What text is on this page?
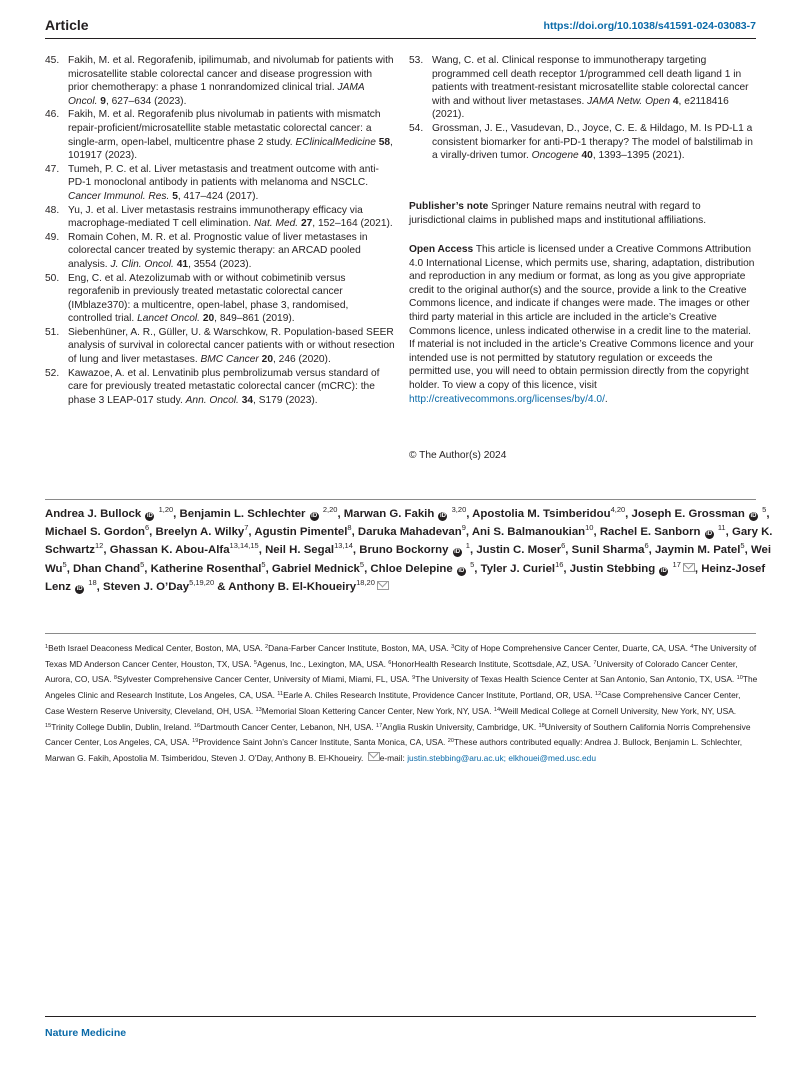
Article	https://doi.org/10.1038/s41591-024-03083-7
45. Fakih, M. et al. Regorafenib, ipilimumab, and nivolumab for patients with microsatellite stable colorectal cancer and disease progression with prior chemotherapy: a phase 1 nonrandomized clinical trial. JAMA Oncol. 9, 627–634 (2023).
46. Fakih, M. et al. Regorafenib plus nivolumab in patients with mismatch repair-proficient/microsatellite stable metastatic colorectal cancer: a single-arm, open-label, multicentre phase 2 study. EClinicalMedicine 58, 101917 (2023).
47. Tumeh, P. C. et al. Liver metastasis and treatment outcome with anti-PD-1 monoclonal antibody in patients with melanoma and NSCLC. Cancer Immunol. Res. 5, 417–424 (2017).
48. Yu, J. et al. Liver metastasis restrains immunotherapy efficacy via macrophage-mediated T cell elimination. Nat. Med. 27, 152–164 (2021).
49. Romain Cohen, M. R. et al. Prognostic value of liver metastases in colorectal cancer treated by systemic therapy: an ARCAD pooled analysis. J. Clin. Oncol. 41, 3554 (2023).
50. Eng, C. et al. Atezolizumab with or without cobimetinib versus regorafenib in previously treated metastatic colorectal cancer (IMblaze370): a multicentre, open-label, phase 3, randomised, controlled trial. Lancet Oncol. 20, 849–861 (2019).
51. Siebenhüner, A. R., Güller, U. & Warschkow, R. Population-based SEER analysis of survival in colorectal cancer patients with or without resection of lung and liver metastases. BMC Cancer 20, 246 (2020).
52. Kawazoe, A. et al. Lenvatinib plus pembrolizumab versus standard of care for previously treated metastatic colorectal cancer (mCRC): the phase 3 LEAP-017 study. Ann. Oncol. 34, S179 (2023).
53. Wang, C. et al. Clinical response to immunotherapy targeting programmed cell death receptor 1/programmed cell death ligand 1 in patients with treatment-resistant microsatellite stable colorectal cancer with and without liver metastases. JAMA Netw. Open 4, e2118416 (2021).
54. Grossman, J. E., Vasudevan, D., Joyce, C. E. & Hildago, M. Is PD-L1 a consistent biomarker for anti-PD-1 therapy? The model of balstilimab in a virally-driven tumor. Oncogene 40, 1393–1395 (2021).
Publisher’s note Springer Nature remains neutral with regard to jurisdictional claims in published maps and institutional affiliations.
Open Access This article is licensed under a Creative Commons Attribution 4.0 International License, which permits use, sharing, adaptation, distribution and reproduction in any medium or format, as long as you give appropriate credit to the original author(s) and the source, provide a link to the Creative Commons licence, and indicate if changes were made. The images or other third party material in this article are included in the article’s Creative Commons licence, unless indicated otherwise in a credit line to the material. If material is not included in the article’s Creative Commons licence and your intended use is not permitted by statutory regulation or exceeds the permitted use, you will need to obtain permission directly from the copyright holder. To view a copy of this licence, visit http://creativecommons.org/licenses/by/4.0/.
© The Author(s) 2024
Andrea J. Bullock iD $^{1,20}$, Benjamin L. Schlechter iD $^{2,20}$, Marwan G. Fakih iD $^{3,20}$, Apostolia M. Tsimberidou$^{4,20}$, Joseph E. Grossman iD $^5$, Michael S. Gordon$^6$, Breelyn A. Wilky$^7$, Agustin Pimentel$^8$, Daruka Mahadevan$^9$, Ani S. Balmanoukian$^{10}$, Rachel E. Sanborn iD $^{11}$, Gary K. Schwartz$^{12}$, Ghassan K. Abou-Alfa$^{13,14,15}$, Neil H. Segal$^{13,14}$, Bruno Bockorny iD $^1$, Justin C. Moser$^6$, Sunil Sharma$^6$, Jaymin M. Patel$^5$, Wei Wu$^5$, Dhan Chand$^5$, Katherine Rosenthal$^5$, Gabriel Mednick$^5$, Chloe Delepine iD $^5$, Tyler J. Curiel$^{16}$, Justin Stebbing iD $^{17}$ , Heinz-Josef Lenz iD $^{18}$, Steven J. O’Day$^{5,19,20}$ & Anthony B. El-Khoueiry$^{18,20}$
$^1$Beth Israel Deaconess Medical Center, Boston, MA, USA. $^2$Dana-Farber Cancer Institute, Boston, MA, USA. $^3$City of Hope Comprehensive Cancer Center, Duarte, CA, USA. $^4$The University of Texas MD Anderson Cancer Center, Houston, TX, USA. $^5$Agenus, Inc., Lexington, MA, USA. $^6$HonorHealth Research Institute, Scottsdale, AZ, USA. $^7$University of Colorado Cancer Center, Aurora, CO, USA. $^8$Sylvester Comprehensive Cancer Center, University of Miami, Miami, FL, USA. $^9$The University of Texas Health Science Center at San Antonio, San Antonio, TX, USA. $^{10}$The Angeles Clinic and Research Institute, Los Angeles, CA, USA. $^{11}$Earle A. Chiles Research Institute, Providence Cancer Institute, Portland, OR, USA. $^{12}$Case Comprehensive Cancer Center, Case Western Reserve University, Cleveland, OH, USA. $^{13}$Memorial Sloan Kettering Cancer Center, New York, NY, USA. $^{14}$Weill Medical College at Cornell University, New York, NY, USA. $^{15}$Trinity College Dublin, Dublin, Ireland. $^{16}$Dartmouth Cancer Center, Lebanon, NH, USA. $^{17}$Anglia Ruskin University, Cambridge, UK. $^{18}$University of Southern California Norris Comprehensive Cancer Center, Los Angeles, CA, USA. $^{19}$Providence Saint John’s Cancer Institute, Santa Monica, CA, USA. $^{20}$These authors contributed equally: Andrea J. Bullock, Benjamin L. Schlechter, Marwan G. Fakih, Apostolia M. Tsimberidou, Steven J. O’Day, Anthony B. El-Khoueiry. e-mail: justin.stebbing@aru.ac.uk; elkhouei@med.usc.edu
Nature Medicine
